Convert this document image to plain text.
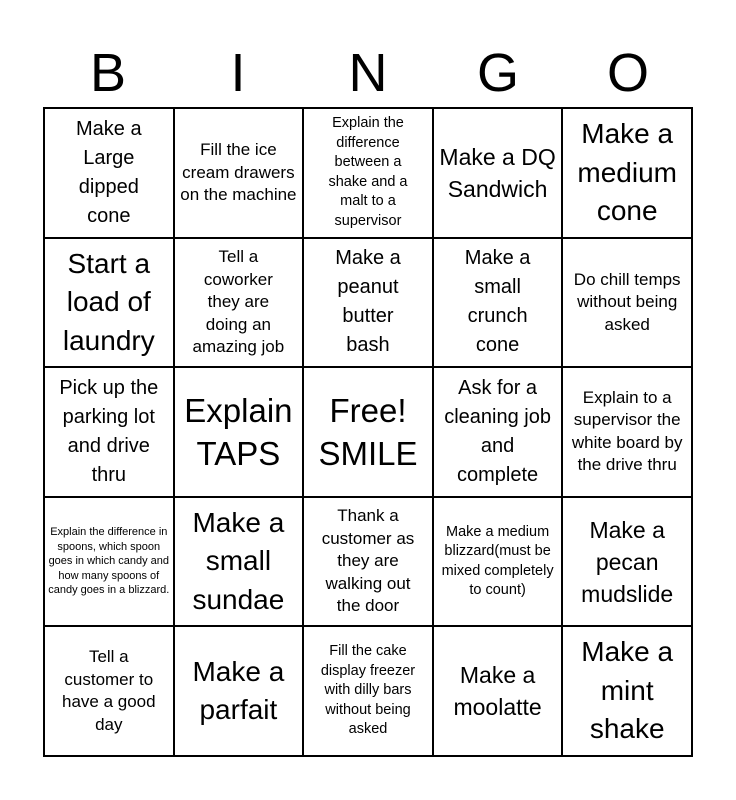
B	I	N	G	O
Make a Large dipped cone
Fill the ice cream drawers on the machine
Explain the difference between a shake and a malt to a supervisor
Make a DQ Sandwich
Make a medium cone
Start a load of laundry
Tell a coworker they are doing an amazing job
Make a peanut butter bash
Make a small crunch cone
Do chill temps without being asked
Pick up the parking lot and drive thru
Explain TAPS
Free! SMILE
Ask for a cleaning job and complete
Explain to a supervisor the white board by the drive thru
Explain the difference in spoons, which spoon goes in which candy and how many spoons of candy goes in a blizzard.
Make a small sundae
Thank a customer as they are walking out the door
Make a medium blizzard(must be mixed completely to count)
Make a pecan mudslide
Tell a customer to have a good day
Make a parfait
Fill the cake display freezer with dilly bars without being asked
Make a moolatte
Make a mint shake
